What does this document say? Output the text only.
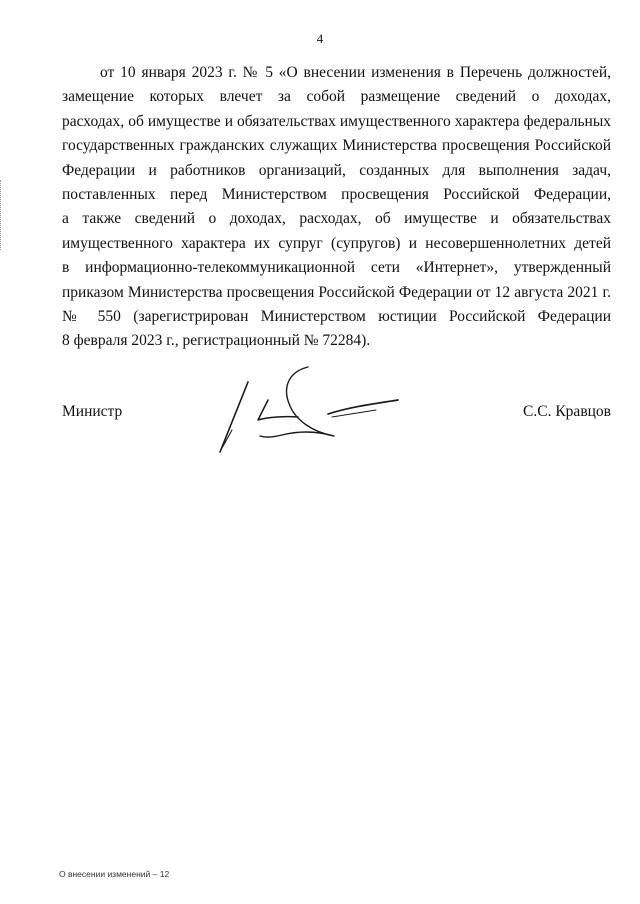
4
от 10 января 2023 г. № 5 «О внесении изменения в Перечень должностей,
замещение которых влечет за собой размещение сведений о доходах,
расходах, об имуществе и обязательствах имущественного характера федеральных
государственных гражданских служащих Министерства просвещения Российской
Федерации и работников организаций, созданных для выполнения задач,
поставленных перед Министерством просвещения Российской Федерации,
а также сведений о доходах, расходах, об имуществе и обязательствах
имущественного характера их супруг (супругов) и несовершеннолетних детей
в информационно-телекоммуникационной сети «Интернет», утвержденный
приказом Министерства просвещения Российской Федерации от 12 августа 2021 г.
№ 550 (зарегистрирован Министерством юстиции Российской Федерации
8 февраля 2023 г., регистрационный № 72284).
Министр	С.С. Кравцов
О внесении изменений – 12
